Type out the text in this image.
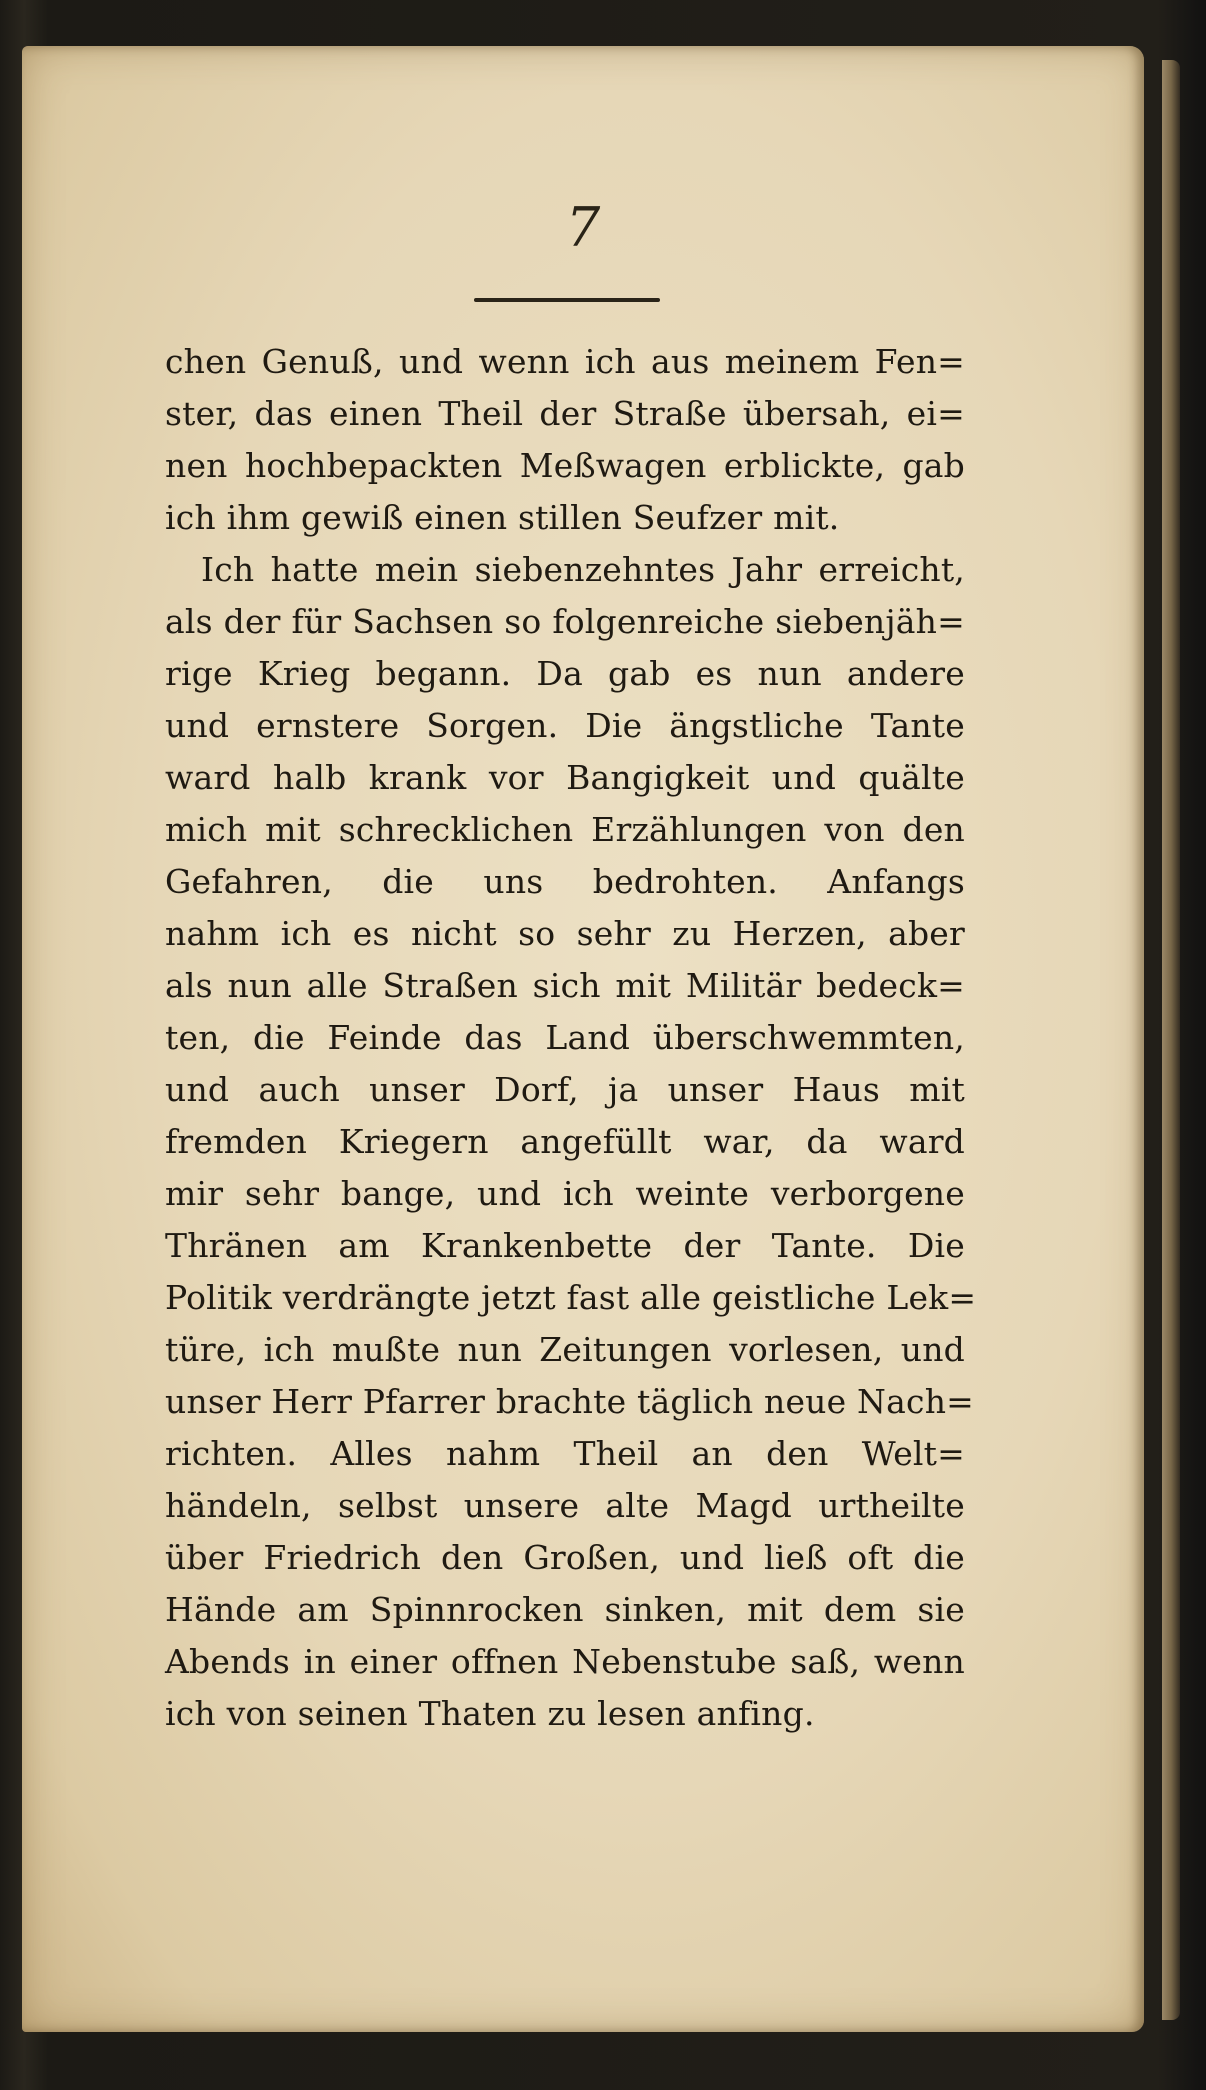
7
chen Genuß, und wenn ich aus meinem Fen=
ster, das einen Theil der Straße übersah, ei=
nen hochbepackten Meßwagen erblickte, gab
ich ihm gewiß einen stillen Seufzer mit.
Ich hatte mein siebenzehntes Jahr erreicht,
als der für Sachsen so folgenreiche siebenjäh=
rige Krieg begann. Da gab es nun andere
und ernstere Sorgen. Die ängstliche Tante
ward halb krank vor Bangigkeit und quälte
mich mit schrecklichen Erzählungen von den
Gefahren, die uns bedrohten. Anfangs
nahm ich es nicht so sehr zu Herzen, aber
als nun alle Straßen sich mit Militär bedeck=
ten, die Feinde das Land überschwemmten,
und auch unser Dorf, ja unser Haus mit
fremden Kriegern angefüllt war, da ward
mir sehr bange, und ich weinte verborgene
Thränen am Krankenbette der Tante. Die
Politik verdrängte jetzt fast alle geistliche Lek=
türe, ich mußte nun Zeitungen vorlesen, und
unser Herr Pfarrer brachte täglich neue Nach=
richten. Alles nahm Theil an den Welt=
händeln, selbst unsere alte Magd urtheilte
über Friedrich den Großen, und ließ oft die
Hände am Spinnrocken sinken, mit dem sie
Abends in einer offnen Nebenstube saß, wenn
ich von seinen Thaten zu lesen anfing.
